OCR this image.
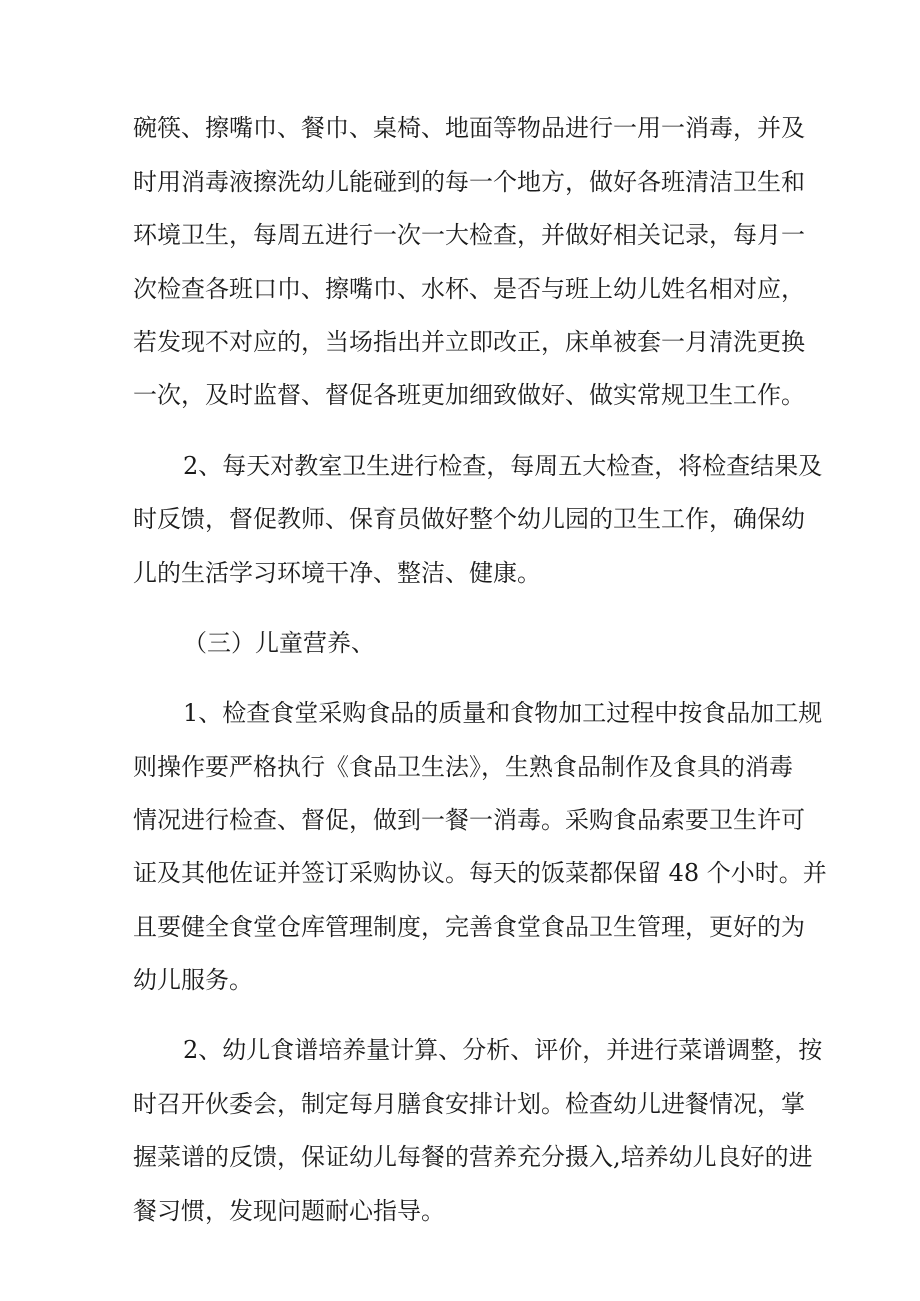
碗筷、擦嘴巾、餐巾、桌椅、地面等物品进行一用一消毒，并及
时用消毒液擦洗幼儿能碰到的每一个地方，做好各班清洁卫生和
环境卫生，每周五进行一次一大检查，并做好相关记录，每月一
次检查各班口巾、擦嘴巾、水杯、是否与班上幼儿姓名相对应，
若发现不对应的，当场指出并立即改正，床单被套一月清洗更换
一次，及时监督、督促各班更加细致做好、做实常规卫生工作。
2、每天对教室卫生进行检查，每周五大检查，将检查结果及
时反馈，督促教师、保育员做好整个幼儿园的卫生工作，确保幼
儿的生活学习环境干净、整洁、健康。
（三）儿童营养、
1、检查食堂采购食品的质量和食物加工过程中按食品加工规
则操作要严格执行《食品卫生法》，生熟食品制作及食具的消毒
情况进行检查、督促，做到一餐一消毒。采购食品索要卫生许可
证及其他佐证并签订采购协议。每天的饭菜都保留 48 个小时。并
且要健全食堂仓库管理制度，完善食堂食品卫生管理，更好的为
幼儿服务。
2、幼儿食谱培养量计算、分析、评价，并进行菜谱调整，按
时召开伙委会，制定每月膳食安排计划。检查幼儿进餐情况，掌
握菜谱的反馈，保证幼儿每餐的营养充分摄入,培养幼儿良好的进
餐习惯，发现问题耐心指导。
